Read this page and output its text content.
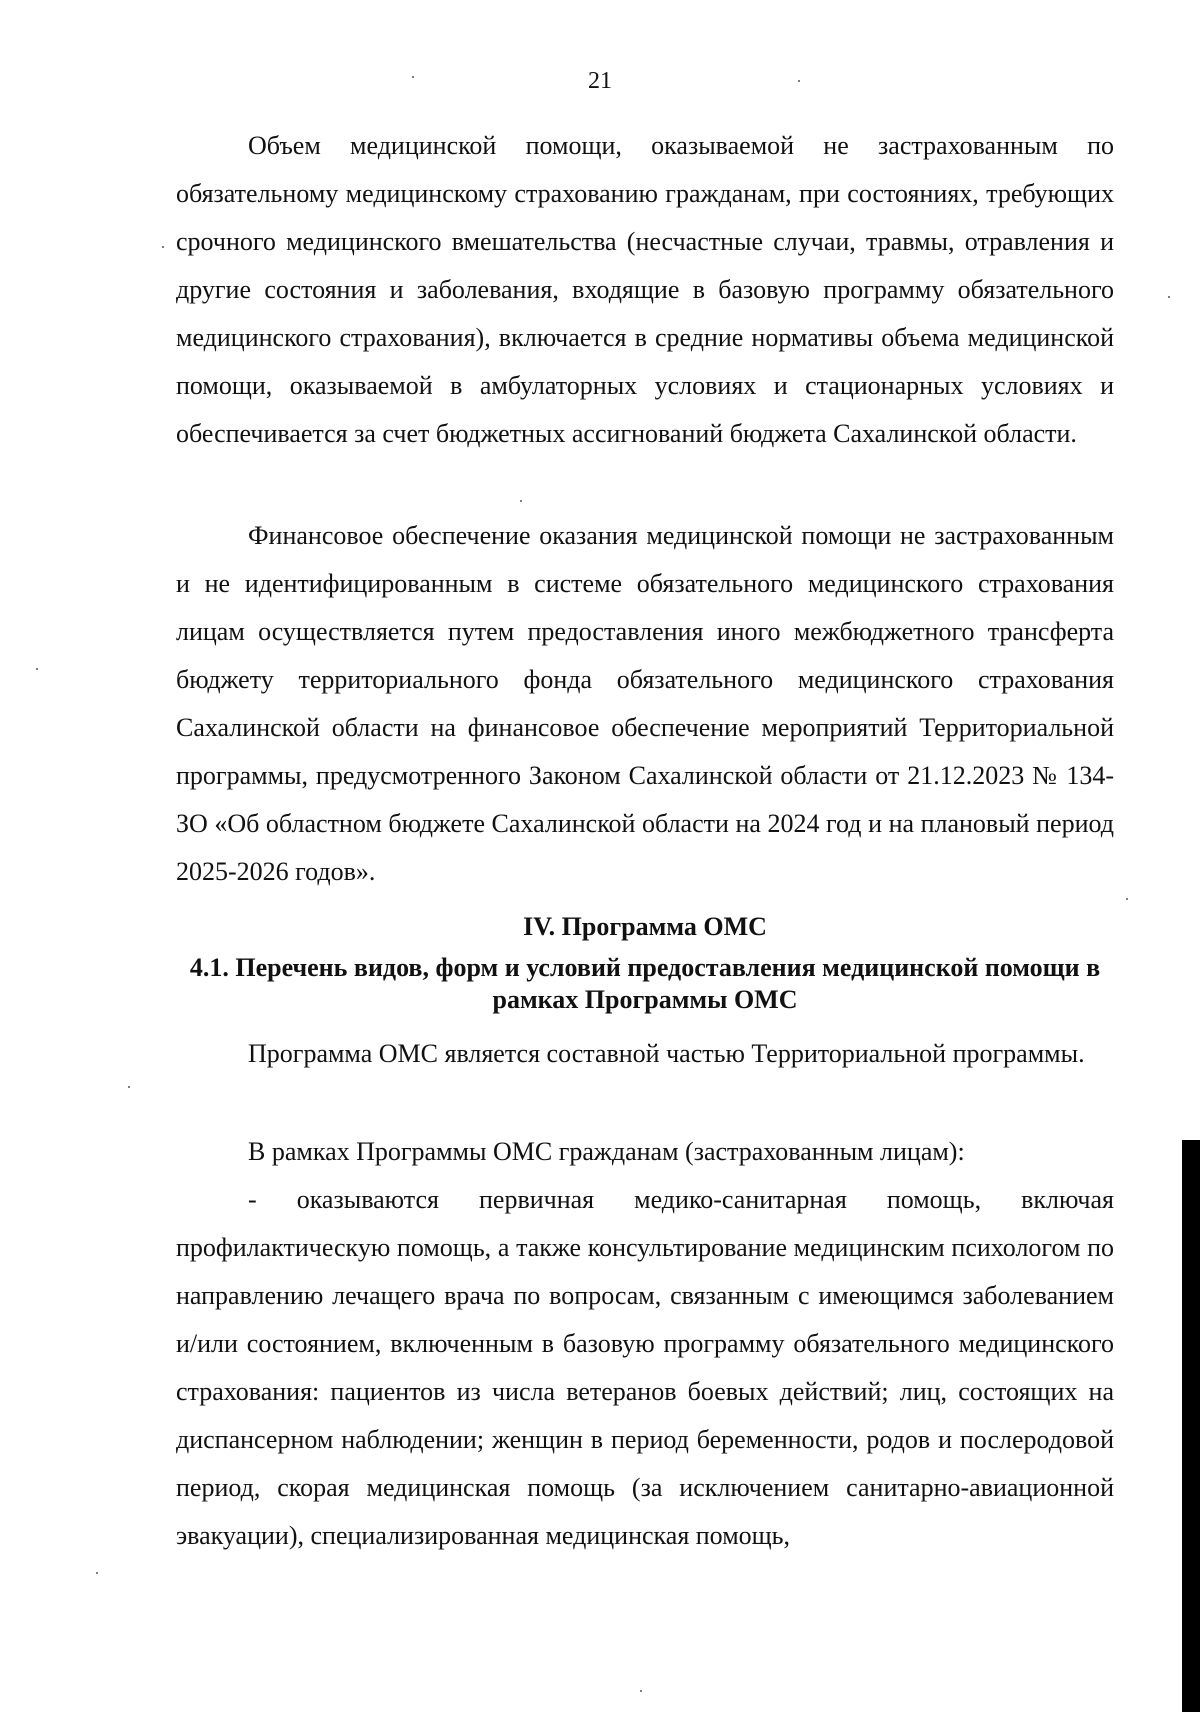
21

Объем медицинской помощи, оказываемой не застрахованным по обязательному медицинскому страхованию гражданам, при состояниях, требующих срочного медицинского вмешательства (несчастные случаи, травмы, отравления и другие состояния и заболевания, входящие в базовую программу обязательного медицинского страхования), включается в средние нормативы объема медицинской помощи, оказываемой в амбулаторных условиях и стационарных условиях и обеспечивается за счет бюджетных ассигнований бюджета Сахалинской области.

Финансовое обеспечение оказания медицинской помощи не застрахованным и не идентифицированным в системе обязательного медицинского страхования лицам осуществляется путем предоставления иного межбюджетного трансферта бюджету территориального фонда обязательного медицинского страхования Сахалинской области на финансовое обеспечение мероприятий Территориальной программы, предусмотренного Законом Сахалинской области от 21.12.2023 № 134-ЗО «Об областном бюджете Сахалинской области на 2024 год и на плановый период 2025-2026 годов».

IV. Программа ОМС
4.1. Перечень видов, форм и условий предоставления медицинской помощи в рамках Программы ОМС

Программа ОМС является составной частью Территориальной программы.

В рамках Программы ОМС гражданам (застрахованным лицам):

- оказываются первичная медико-санитарная помощь, включая профилактическую помощь, а также консультирование медицинским психологом по направлению лечащего врача по вопросам, связанным с имеющимся заболеванием и/или состоянием, включенным в базовую программу обязательного медицинского страхования: пациентов из числа ветеранов боевых действий; лиц, состоящих на диспансерном наблюдении; женщин в период беременности, родов и послеродовой период, скорая медицинская помощь (за исключением санитарно-авиационной эвакуации), специализированная медицинская помощь,
